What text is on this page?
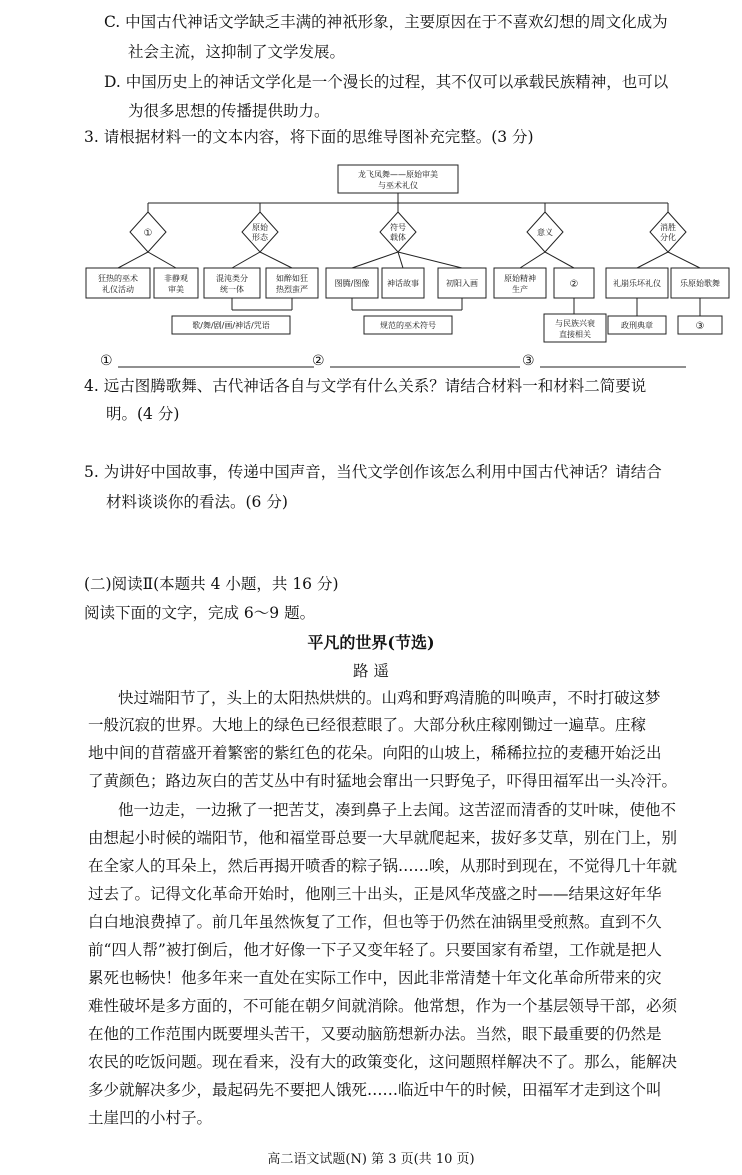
C. 中国古代神话文学缺乏丰满的神祇形象，主要原因在于不喜欢幻想的周文化成为
社会主流，这抑制了文学发展。
D. 中国历史上的神话文学化是一个漫长的过程，其不仅可以承载民族精神，也可以
为很多思想的传播提供助力。
3. 请根据材料一的文本内容，将下面的思维导图补充完整。(3 分)
龙飞凤舞——原始审美
与巫术礼仪
①
原始
形态
符号
载体
意义
消胜
分化
狂热的巫术
礼仪活动
非静观
审美
混沌类分
统一体
如醉如狂
热烈蛮严
图腾/图像 神话故事	初阳入画
原始精神
生产	②	礼崩乐坏礼仪 乐原始歌舞
歌/舞/剧/画/神话/咒语	规范的巫术符号	与民族兴衰
直接相关
政刑典章	③
①	②	③
4. 远古图腾歌舞、古代神话各自与文学有什么关系？请结合材料一和材料二简要说
明。(4 分)
5. 为讲好中国故事，传递中国声音，当代文学创作该怎么利用中国古代神话？请结合
材料谈谈你的看法。(6 分)
(二)阅读Ⅱ(本题共 4 小题，共 16 分)
阅读下面的文字，完成 6～9 题。
平凡的世界(节选)
路 遥
快过端阳节了，头上的太阳热烘烘的。山鸡和野鸡清脆的叫唤声，不时打破这梦
一般沉寂的世界。大地上的绿色已经很惹眼了。大部分秋庄稼刚锄过一遍草。庄稼
地中间的苜蓿盛开着繁密的紫红色的花朵。向阳的山坡上，稀稀拉拉的麦穗开始泛出
了黄颜色；路边灰白的苦艾丛中有时猛地会窜出一只野兔子，吓得田福军出一头冷汗。
他一边走，一边揪了一把苦艾，凑到鼻子上去闻。这苦涩而清香的艾叶味，使他不
由想起小时候的端阳节，他和福堂哥总要一大早就爬起来，拔好多艾草，别在门上，别
在全家人的耳朵上，然后再揭开喷香的粽子锅……唉，从那时到现在，不觉得几十年就
过去了。记得文化革命开始时，他刚三十出头，正是风华茂盛之时——结果这好年华
白白地浪费掉了。前几年虽然恢复了工作，但也等于仍然在油锅里受煎熬。直到不久
前“四人帮”被打倒后，他才好像一下子又变年轻了。只要国家有希望，工作就是把人
累死也畅快！他多年来一直处在实际工作中，因此非常清楚十年文化革命所带来的灾
难性破坏是多方面的，不可能在朝夕间就消除。他常想，作为一个基层领导干部，必须
在他的工作范围内既要埋头苦干，又要动脑筋想新办法。当然，眼下最重要的仍然是
农民的吃饭问题。现在看来，没有大的政策变化，这问题照样解决不了。那么，能解决
多少就解决多少，最起码先不要把人饿死……临近中午的时候，田福军才走到这个叫
土崖凹的小村子。
高二语文试题(N) 第 3 页(共 10 页)
